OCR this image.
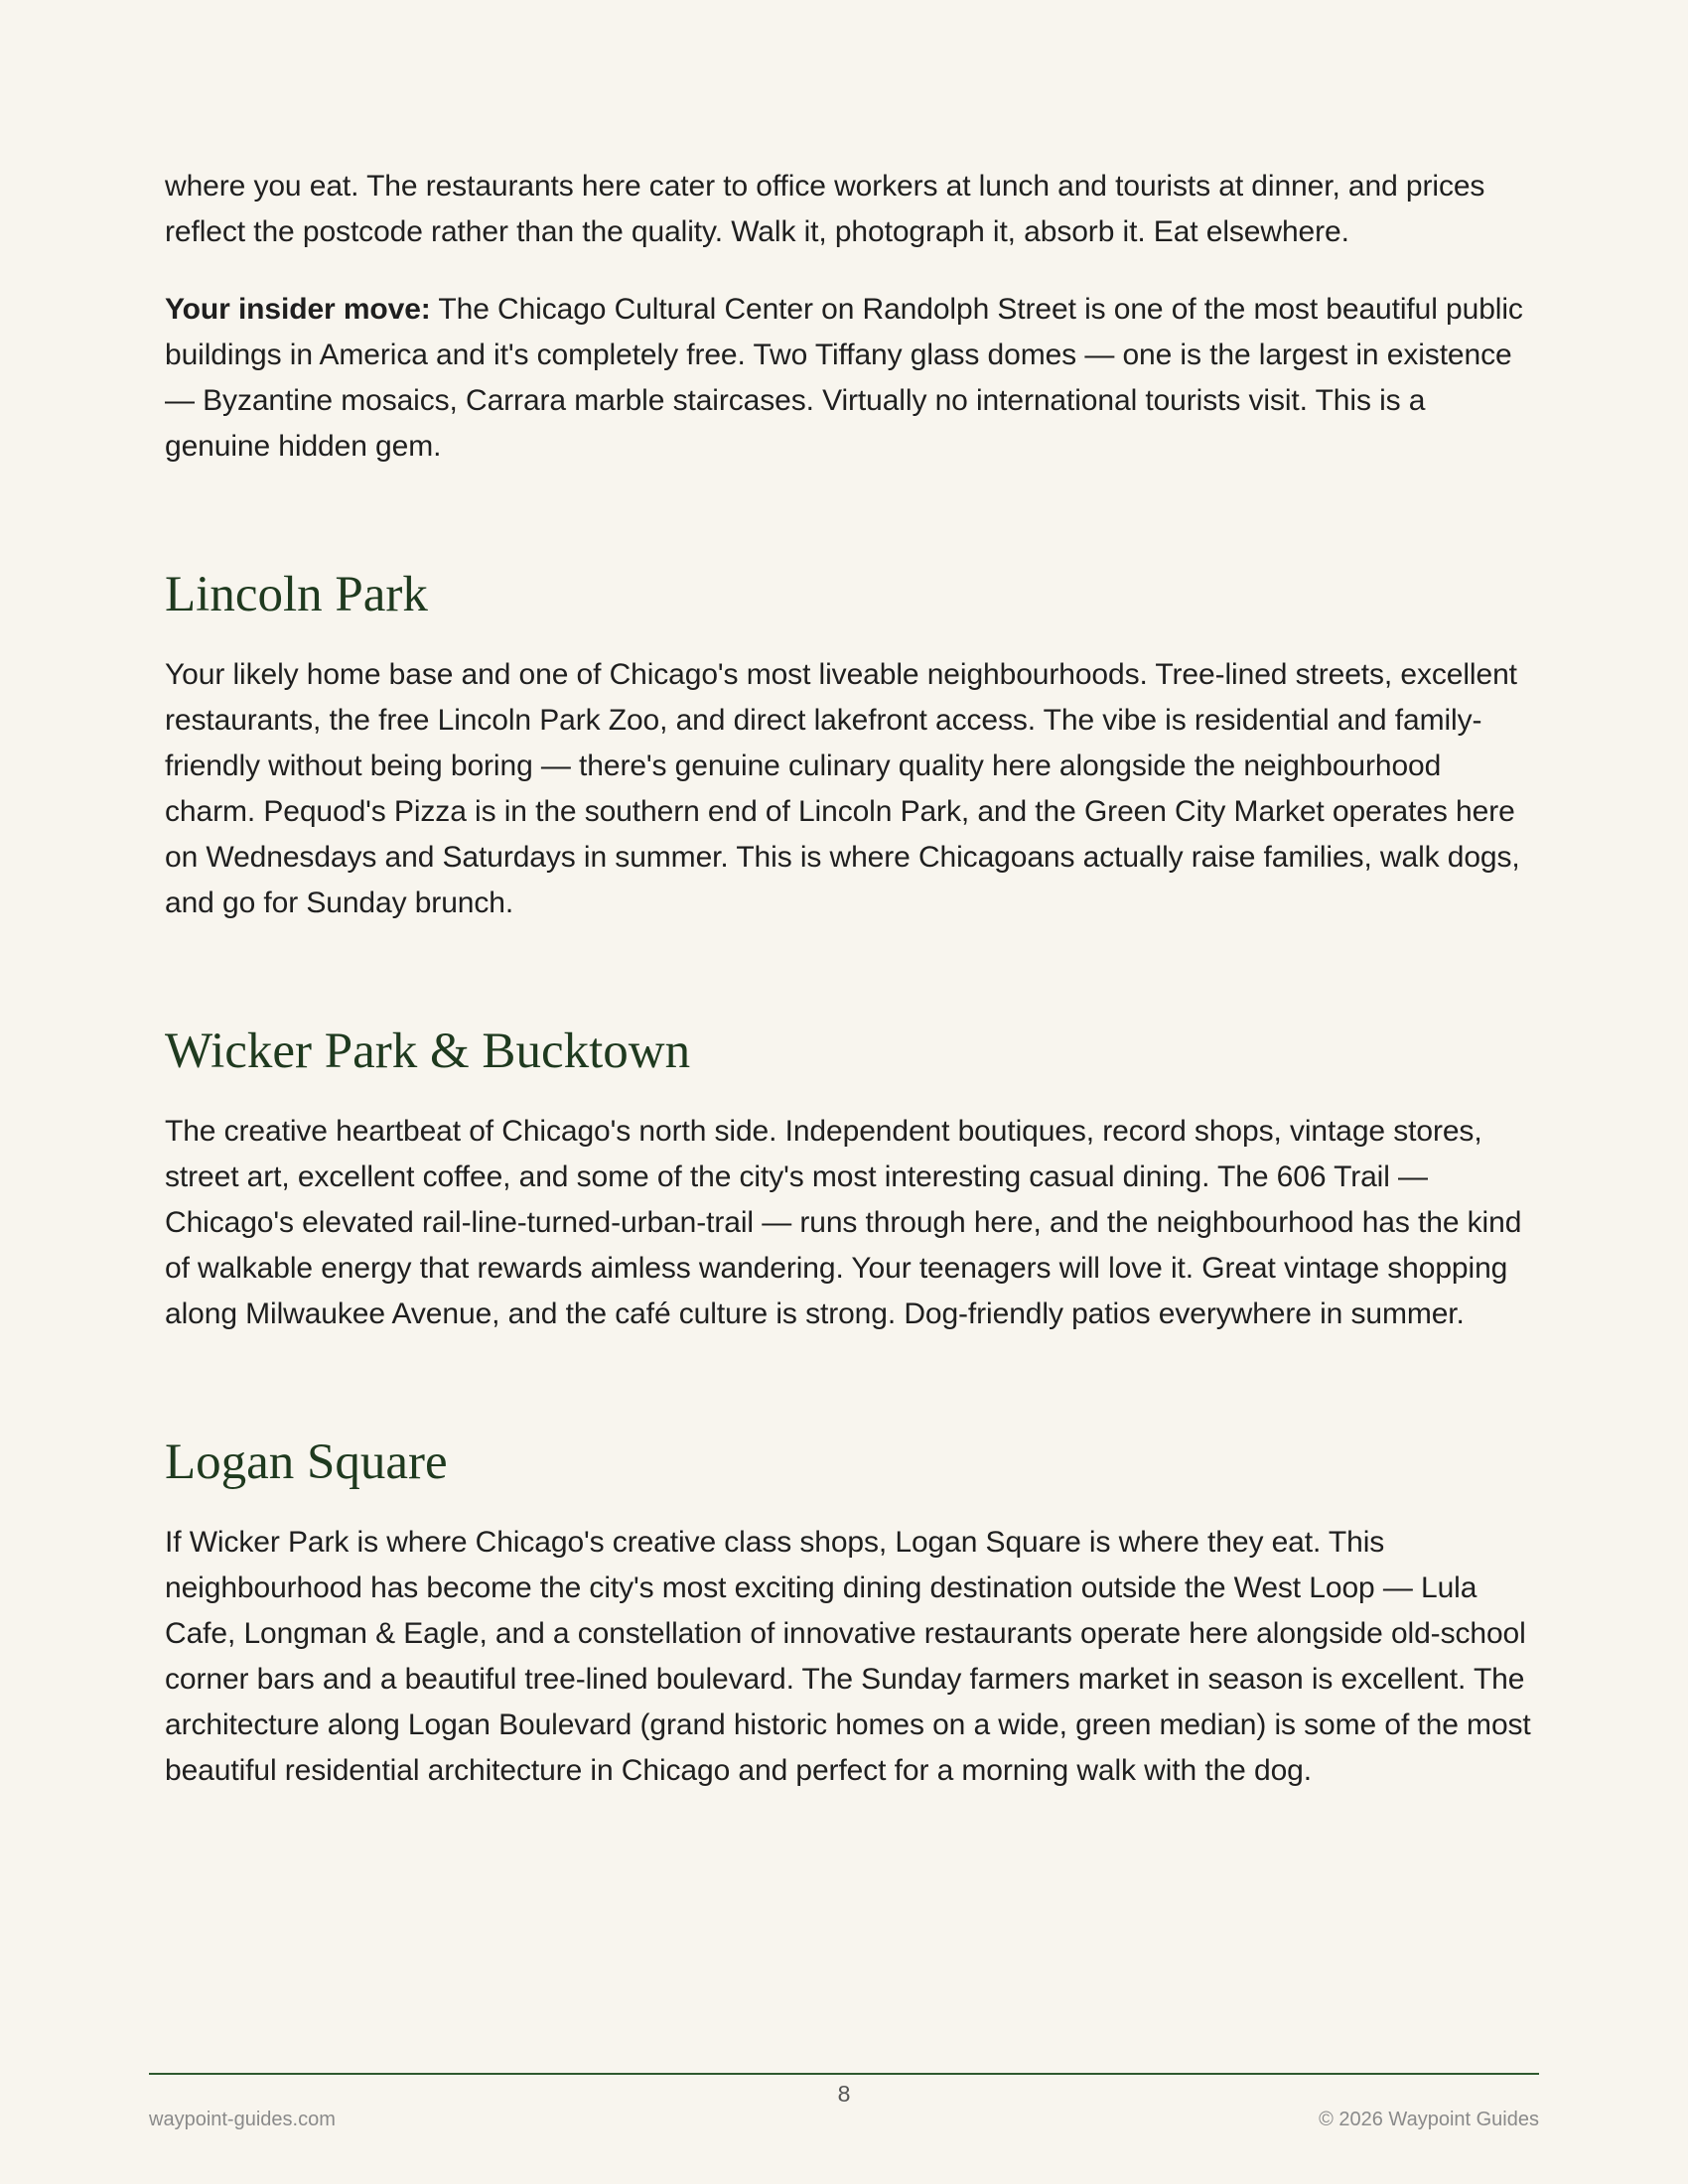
where you eat. The restaurants here cater to office workers at lunch and tourists at dinner, and prices reflect the postcode rather than the quality. Walk it, photograph it, absorb it. Eat elsewhere.

Your insider move: The Chicago Cultural Center on Randolph Street is one of the most beautiful public buildings in America and it's completely free. Two Tiffany glass domes — one is the largest in existence — Byzantine mosaics, Carrara marble staircases. Virtually no international tourists visit. This is a genuine hidden gem.

Lincoln Park

Your likely home base and one of Chicago's most liveable neighbourhoods. Tree-lined streets, excellent restaurants, the free Lincoln Park Zoo, and direct lakefront access. The vibe is residential and family-friendly without being boring — there's genuine culinary quality here alongside the neighbourhood charm. Pequod's Pizza is in the southern end of Lincoln Park, and the Green City Market operates here on Wednesdays and Saturdays in summer. This is where Chicagoans actually raise families, walk dogs, and go for Sunday brunch.

Wicker Park & Bucktown

The creative heartbeat of Chicago's north side. Independent boutiques, record shops, vintage stores, street art, excellent coffee, and some of the city's most interesting casual dining. The 606 Trail — Chicago's elevated rail-line-turned-urban-trail — runs through here, and the neighbourhood has the kind of walkable energy that rewards aimless wandering. Your teenagers will love it. Great vintage shopping along Milwaukee Avenue, and the café culture is strong. Dog-friendly patios everywhere in summer.

Logan Square

If Wicker Park is where Chicago's creative class shops, Logan Square is where they eat. This neighbourhood has become the city's most exciting dining destination outside the West Loop — Lula Cafe, Longman & Eagle, and a constellation of innovative restaurants operate here alongside old-school corner bars and a beautiful tree-lined boulevard. The Sunday farmers market in season is excellent. The architecture along Logan Boulevard (grand historic homes on a wide, green median) is some of the most beautiful residential architecture in Chicago and perfect for a morning walk with the dog.

8
waypoint-guides.com	© 2026 Waypoint Guides
